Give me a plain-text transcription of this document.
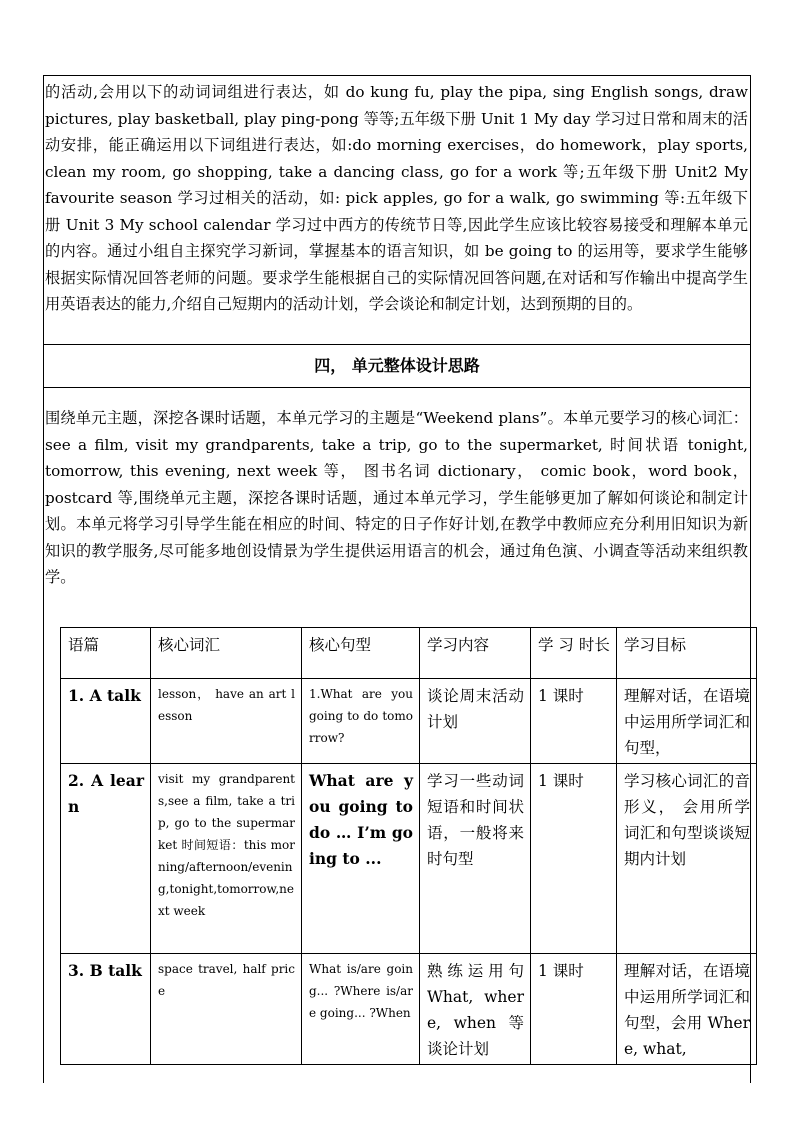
的活动,会用以下的动词词组进行表达，如 do kung fu, play the pipa, sing English songs, draw pictures, play basketball, play ping-pong 等等;五年级下册 Unit 1 My day 学习过日常和周末的活动安排，能正确运用以下词组进行表达，如:do morning exercises，do homework，play sports, clean my room, go shopping, take a dancing class, go for a work 等;五年级下册 Unit2 My favourite season 学习过相关的活动，如: pick apples, go for a walk, go swimming 等:五年级下册 Unit 3 My school calendar 学习过中西方的传统节日等,因此学生应该比较容易接受和理解本单元的内容。通过小组自主探究学习新词，掌握基本的语言知识，如 be going to 的运用等，要求学生能够根据实际情况回答老师的问题。要求学生能根据自己的实际情况回答问题,在对话和写作输出中提高学生用英语表达的能力,介绍自己短期内的活动计划，学会谈论和制定计划，达到预期的目的。

四， 单元整体设计思路

围绕单元主题，深挖各课时话题，本单元学习的主题是“Weekend plans”。本单元要学习的核心词汇：see a film, visit my grandparents, take a trip, go to the supermarket, 时间状语 tonight, tomorrow, this evening, next week 等， 图书名词 dictionary， comic book，word book， postcard 等,围绕单元主题，深挖各课时话题，通过本单元学习，学生能够更加了解如何谈论和制定计划。本单元将学习引导学生能在相应的时间、特定的日子作好计划,在教学中教师应充分利用旧知识为新知识的教学服务,尽可能多地创设情景为学生提供运用语言的机会，通过角色演、小调查等活动来组织教学。

语篇	核心词汇	核心句型	学习内容	学 习 时长	学习目标
1. A talk	lesson， have an art lesson	1.What are you going to do tomorrow?	谈论周末活动计划	1 课时	理解对话，在语境中运用所学词汇和句型，
2. A learn	visit my grandparents,see a film, take a trip, go to the supermarket 时间短语：this morning/afternoon/evening,tonight,tomorrow,next week	What are you going to do … I’m going to ...	学习一些动词短语和时间状语，一般将来时句型	1 课时	学习核心词汇的音形义， 会用所学词汇和句型谈谈短期内计划
3. B talk	space travel, half price	What is/are going... ?Where is/are going... ?When	熟练运用句 What, where, when 等谈论计划	1 课时	理解对话，在语境中运用所学词汇和句型，会用 Where, what,
